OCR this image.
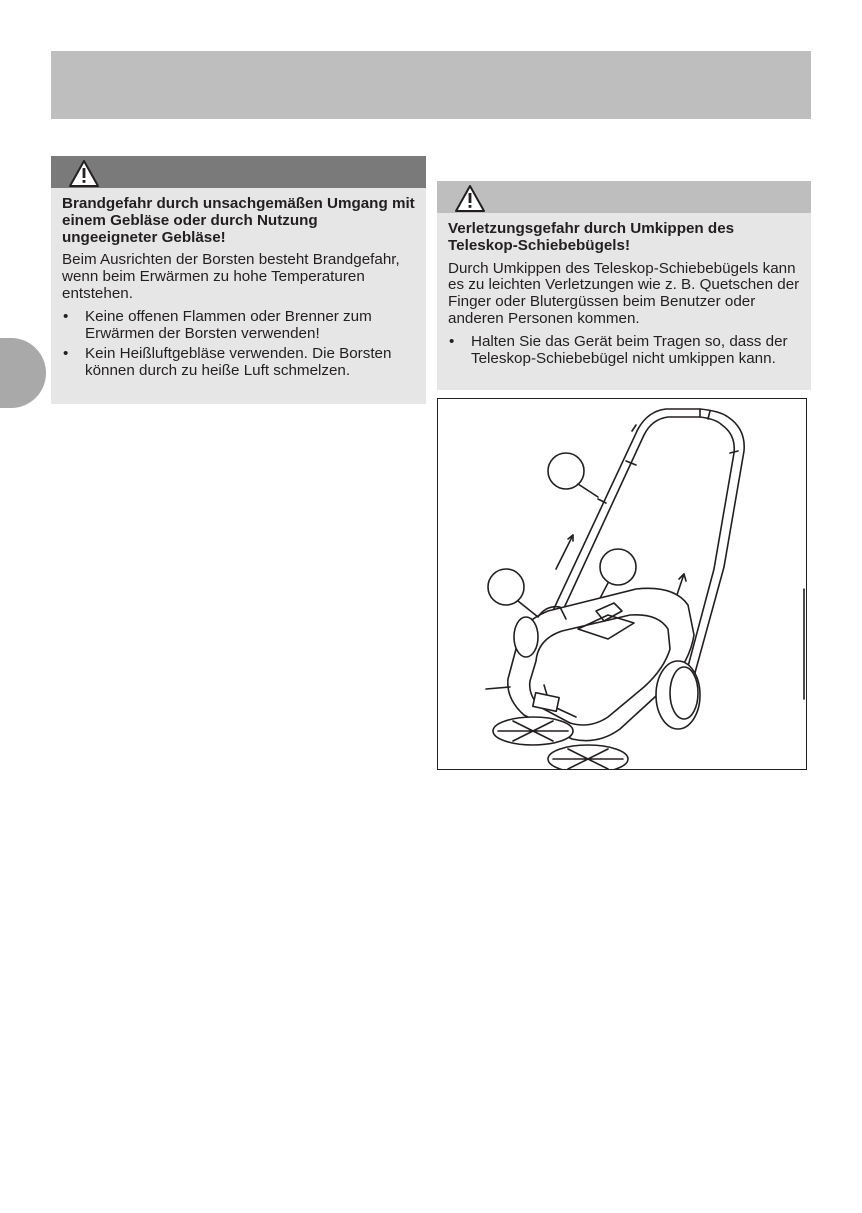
Brandgefahr durch unsachgemäßen Umgang mit einem Gebläse oder durch Nutzung ungeeigneter Gebläse!

Beim Ausrichten der Borsten besteht Brandgefahr, wenn beim Erwärmen zu hohe Temperaturen entstehen.

• Keine offenen Flammen oder Brenner zum Erwärmen der Borsten verwenden!
• Kein Heißluftgebläse verwenden. Die Borsten können durch zu heiße Luft schmelzen.

Verletzungsgefahr durch Umkippen des Teleskop-Schiebebügels!

Durch Umkippen des Teleskop-Schiebebügels kann es zu leichten Verletzungen wie z. B. Quetschen der Finger oder Blutergüssen beim Benutzer oder anderen Personen kommen.

• Halten Sie das Gerät beim Tragen so, dass der Teleskop-Schiebebügel nicht umkippen kann.
